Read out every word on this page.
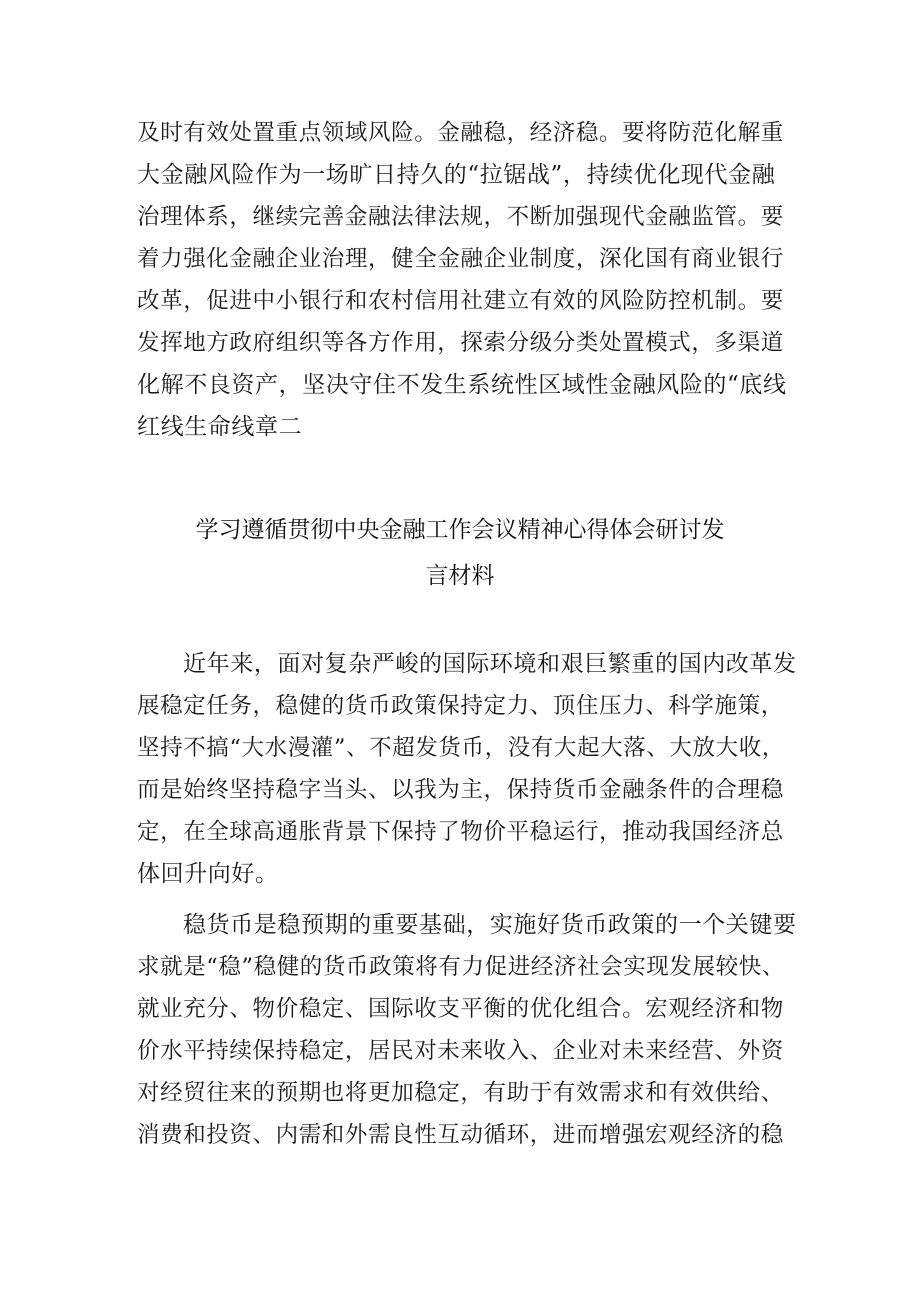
及时有效处置重点领域风险。金融稳，经济稳。要将防范化解重
大金融风险作为一场旷日持久的“拉锯战”，持续优化现代金融
治理体系，继续完善金融法律法规，不断加强现代金融监管。要
着力强化金融企业治理，健全金融企业制度，深化国有商业银行
改革，促进中小银行和农村信用社建立有效的风险防控机制。要
发挥地方政府组织等各方作用，探索分级分类处置模式，多渠道
化解不良资产，坚决守住不发生系统性区域性金融风险的“底线
红线生命线章二
学习遵循贯彻中央金融工作会议精神心得体会研讨发
言材料
近年来，面对复杂严峻的国际环境和艰巨繁重的国内改革发
展稳定任务，稳健的货币政策保持定力、顶住压力、科学施策，
坚持不搞“大水漫灌”、不超发货币，没有大起大落、大放大收，
而是始终坚持稳字当头、以我为主，保持货币金融条件的合理稳
定，在全球高通胀背景下保持了物价平稳运行，推动我国经济总
体回升向好。
稳货币是稳预期的重要基础，实施好货币政策的一个关键要
求就是“稳”稳健的货币政策将有力促进经济社会实现发展较快、
就业充分、物价稳定、国际收支平衡的优化组合。宏观经济和物
价水平持续保持稳定，居民对未来收入、企业对未来经营、外资
对经贸往来的预期也将更加稳定，有助于有效需求和有效供给、
消费和投资、内需和外需良性互动循环，进而增强宏观经济的稳
